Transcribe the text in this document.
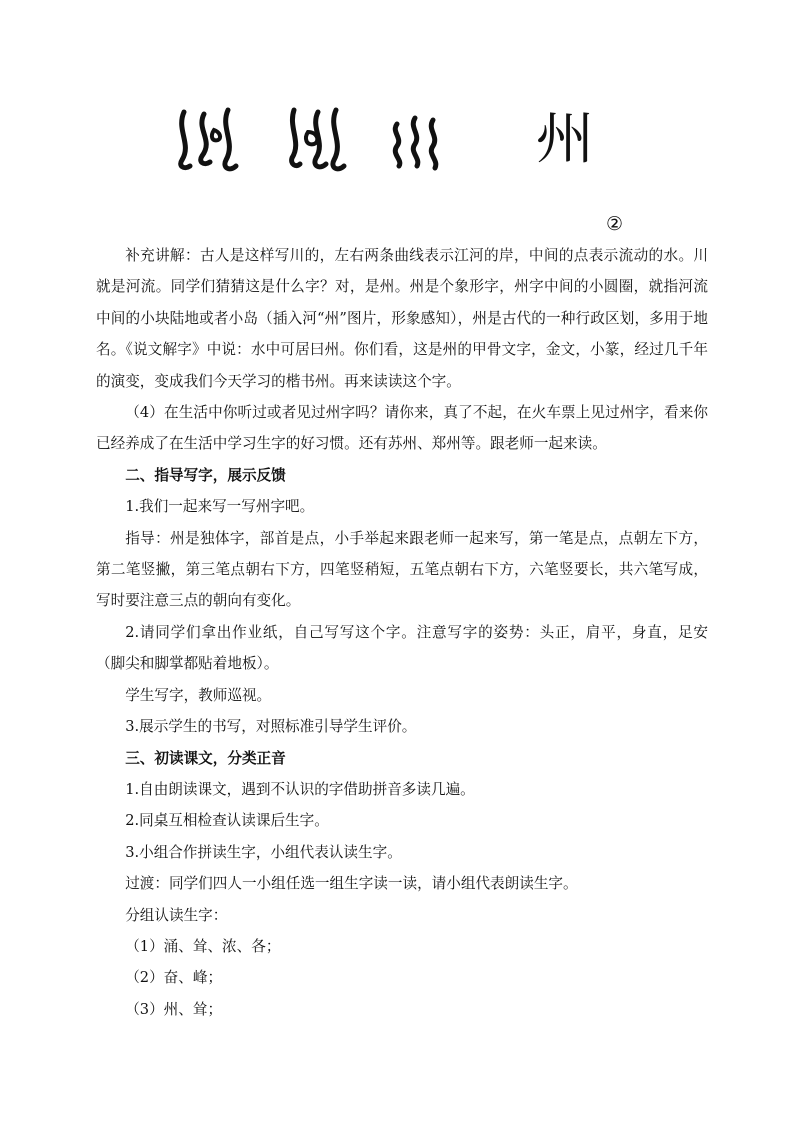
州
②

补充讲解：古人是这样写川的，左右两条曲线表示江河的岸，中间的点表示流动的水。川就是河流。同学们猜猜这是什么字？对，是州。州是个象形字，州字中间的小圆圈，就指河流中间的小块陆地或者小岛（插入河“州”图片，形象感知），州是古代的一种行政区划，多用于地名。《说文解字》中说：水中可居曰州。你们看，这是州的甲骨文字，金文，小篆，经过几千年的演变，变成我们今天学习的楷书州。再来读读这个字。

（4）在生活中你听过或者见过州字吗？请你来，真了不起，在火车票上见过州字，看来你已经养成了在生活中学习生字的好习惯。还有苏州、郑州等。跟老师一起来读。

二、指导写字，展示反馈

1.我们一起来写一写州字吧。

指导：州是独体字，部首是点，小手举起来跟老师一起来写，第一笔是点，点朝左下方，第二笔竖撇，第三笔点朝右下方，四笔竖稍短，五笔点朝右下方，六笔竖要长，共六笔写成，写时要注意三点的朝向有变化。

2.请同学们拿出作业纸，自己写写这个字。注意写字的姿势：头正，肩平，身直，足安（脚尖和脚掌都贴着地板）。

学生写字，教师巡视。

3.展示学生的书写，对照标准引导学生评价。

三、初读课文，分类正音

1.自由朗读课文，遇到不认识的字借助拼音多读几遍。

2.同桌互相检查认读课后生字。

3.小组合作拼读生字，小组代表认读生字。

过渡：同学们四人一小组任选一组生字读一读，请小组代表朗读生字。

分组认读生字：

（1）涌、耸、浓、各；

（2）奋、峰；

（3）州、耸；
